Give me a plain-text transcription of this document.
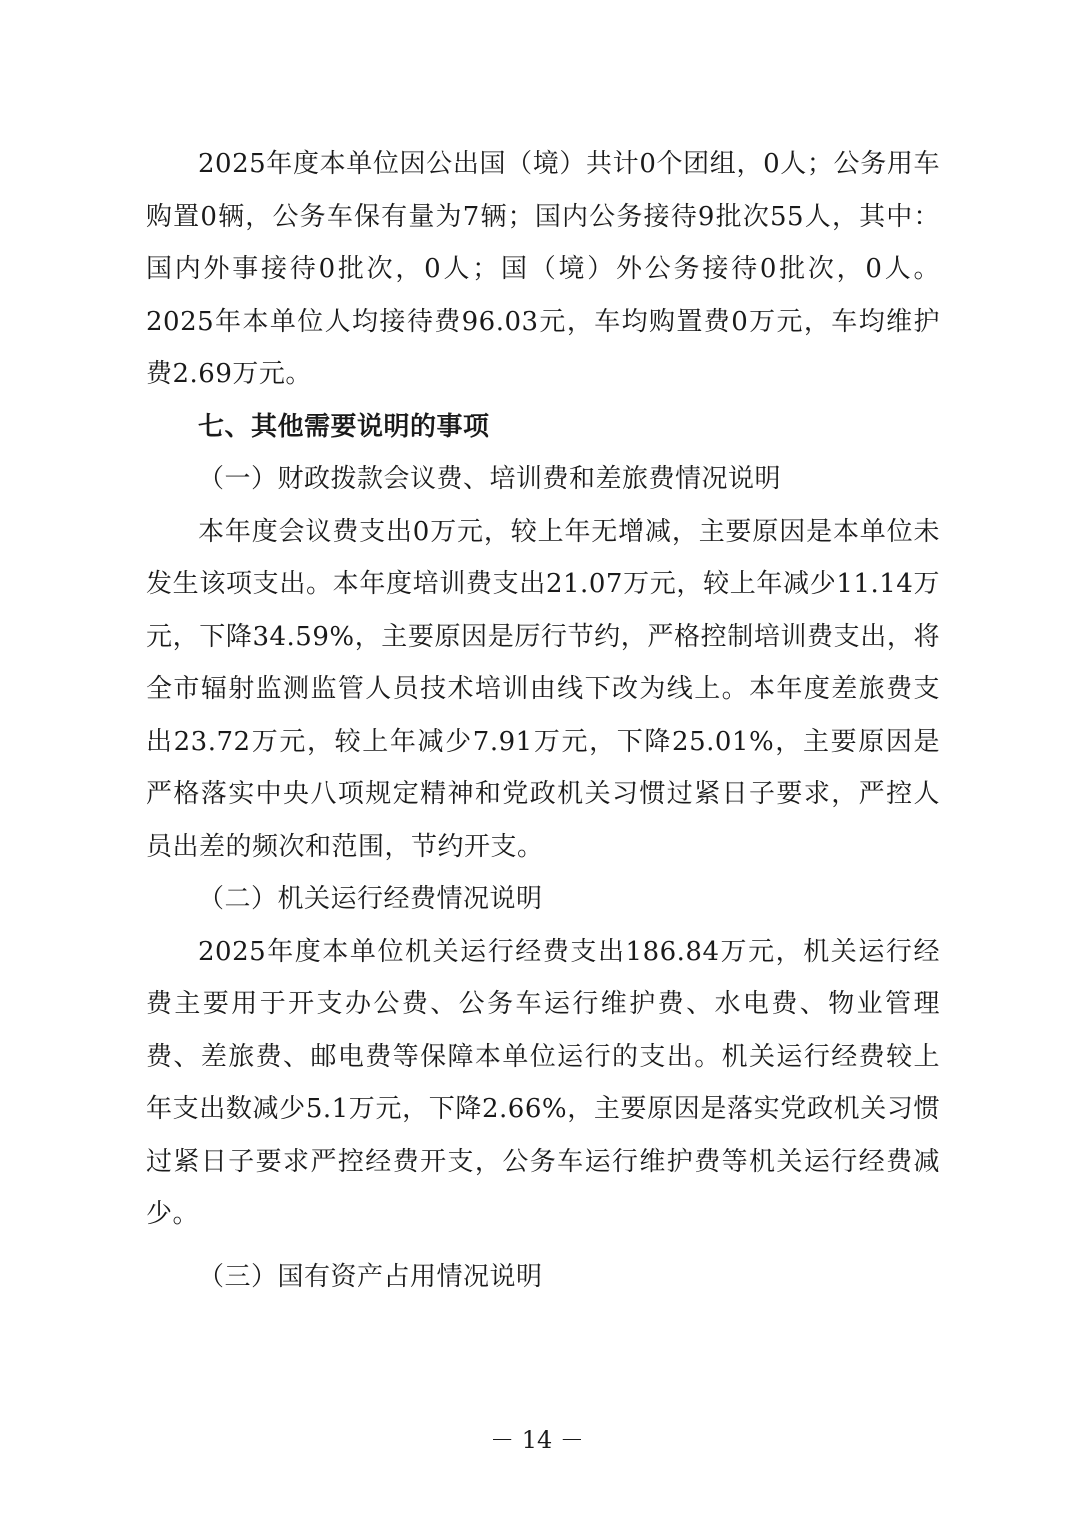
2025年度本单位因公出国（境）共计0个团组，0人；公务用车购置0辆，公务车保有量为7辆；国内公务接待9批次55人，其中：国内外事接待0批次，0人；国（境）外公务接待0批次，0人。2025年本单位人均接待费96.03元，车均购置费0万元，车均维护费2.69万元。

七、其他需要说明的事项

（一）财政拨款会议费、培训费和差旅费情况说明

本年度会议费支出0万元，较上年无增减，主要原因是本单位未发生该项支出。本年度培训费支出21.07万元，较上年减少11.14万元，下降34.59%，主要原因是厉行节约，严格控制培训费支出，将全市辐射监测监管人员技术培训由线下改为线上。本年度差旅费支出23.72万元，较上年减少7.91万元，下降25.01%，主要原因是严格落实中央八项规定精神和党政机关习惯过紧日子要求，严控人员出差的频次和范围，节约开支。

（二）机关运行经费情况说明

2025年度本单位机关运行经费支出186.84万元，机关运行经费主要用于开支办公费、公务车运行维护费、水电费、物业管理费、差旅费、邮电费等保障本单位运行的支出。机关运行经费较上年支出数减少5.1万元，下降2.66%，主要原因是落实党政机关习惯过紧日子要求严控经费开支，公务车运行维护费等机关运行经费减少。

（三）国有资产占用情况说明

－ 14 －
